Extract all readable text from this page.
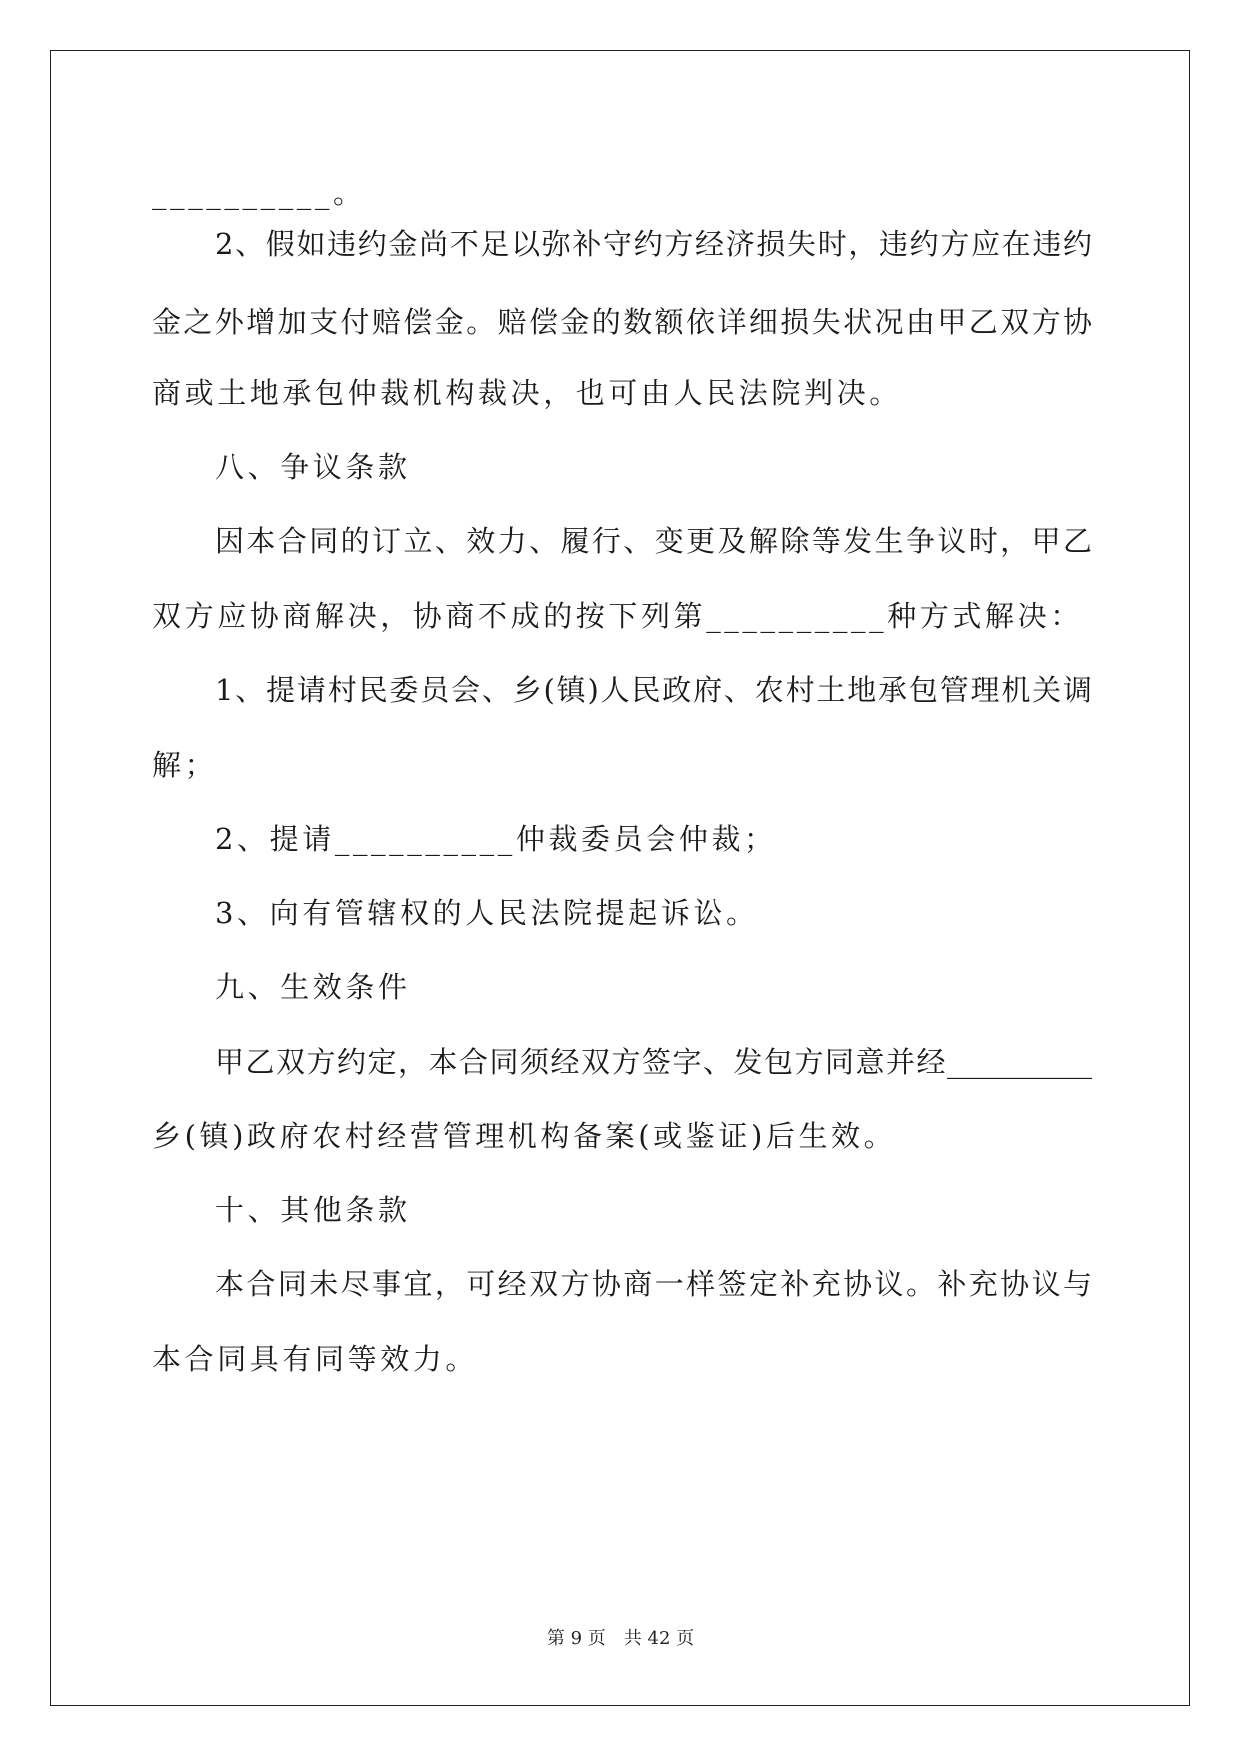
__________。
2、假如违约金尚不足以弥补守约方经济损失时，违约方应在违约
金之外增加支付赔偿金。赔偿金的数额依详细损失状况由甲乙双方协
商或土地承包仲裁机构裁决，也可由人民法院判决。
八、争议条款
因本合同的订立、效力、履行、变更及解除等发生争议时，甲乙
双方应协商解决，协商不成的按下列第__________种方式解决：
1、提请村民委员会、乡(镇)人民政府、农村土地承包管理机关调
解；
2、提请__________仲裁委员会仲裁；
3、向有管辖权的人民法院提起诉讼。
九、生效条件
甲乙双方约定，本合同须经双方签字、发包方同意并经__________
乡(镇)政府农村经营管理机构备案(或鉴证)后生效。
十、其他条款
本合同未尽事宜，可经双方协商一样签定补充协议。补充协议与
本合同具有同等效力。
第 9 页　共 42 页
